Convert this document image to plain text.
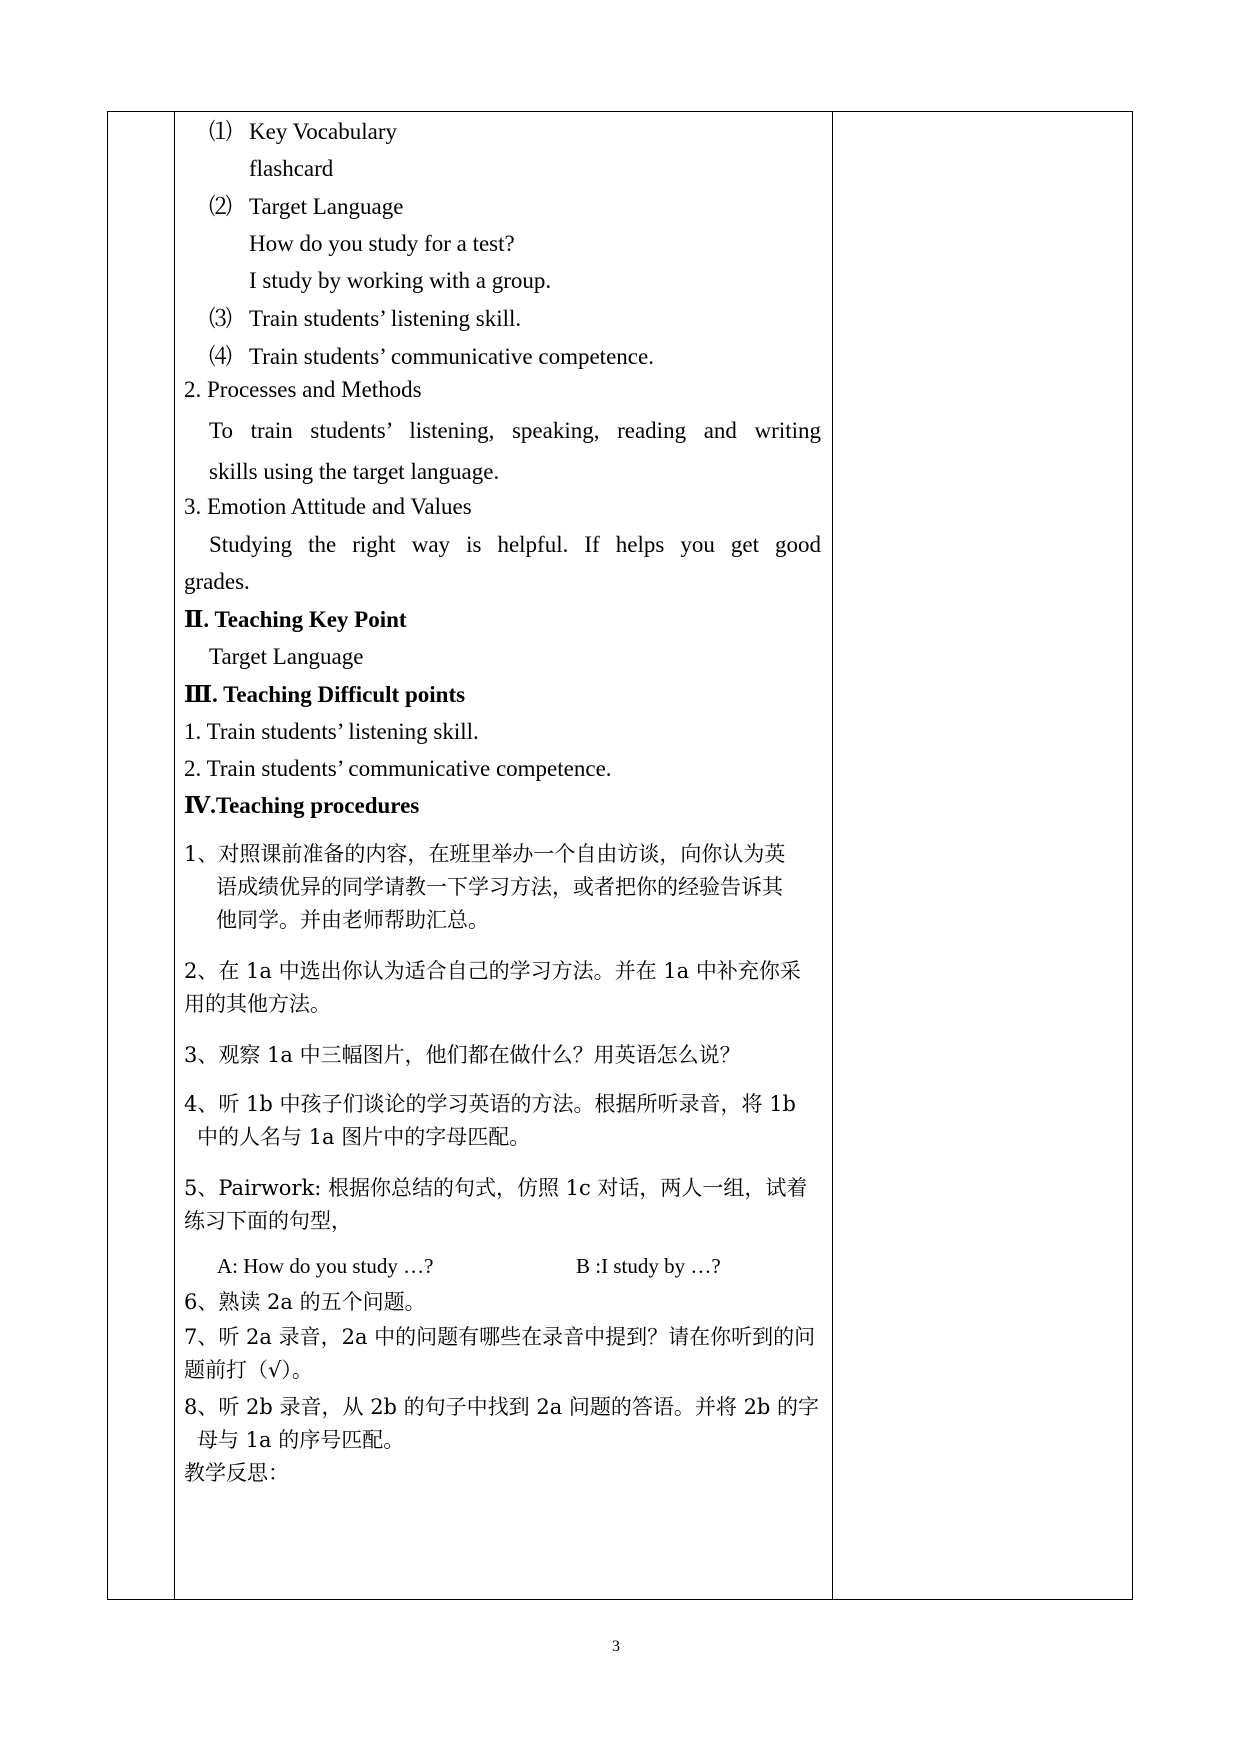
⑴ Key Vocabulary
flashcard
⑵ Target Language
How do you study for a test?
I study by working with a group.
⑶ Train students’ listening skill.
⑷ Train students’ communicative competence.
2. Processes and Methods
To train students’ listening, speaking, reading and writing
skills using the target language.
3. Emotion Attitude and Values
Studying the right way is helpful. If helps you get good
grades.
Ⅱ. Teaching Key Point
Target Language
Ⅲ. Teaching Difficult points
1. Train students’ listening skill.
2. Train students’ communicative competence.
Ⅳ.Teaching procedures
1、对照课前准备的内容，在班里举办一个自由访谈，向你认为英
语成绩优异的同学请教一下学习方法，或者把你的经验告诉其
他同学。并由老师帮助汇总。
2、在 1a 中选出你认为适合自己的学习方法。并在 1a 中补充你采
用的其他方法。
3、观察 1a 中三幅图片，他们都在做什么？用英语怎么说？
4、听 1b 中孩子们谈论的学习英语的方法。根据所听录音，将 1b
中的人名与 1a 图片中的字母匹配。
5、Pairwork: 根据你总结的句式，仿照 1c 对话，两人一组，试着
练习下面的句型，
A: How do you study …?	B :I study by …?
6、熟读 2a 的五个问题。
7、听 2a 录音，2a 中的问题有哪些在录音中提到？请在你听到的问
题前打（√）。
8、听 2b 录音，从 2b 的句子中找到 2a 问题的答语。并将 2b 的字
母与 1a 的序号匹配。
教学反思：
3
